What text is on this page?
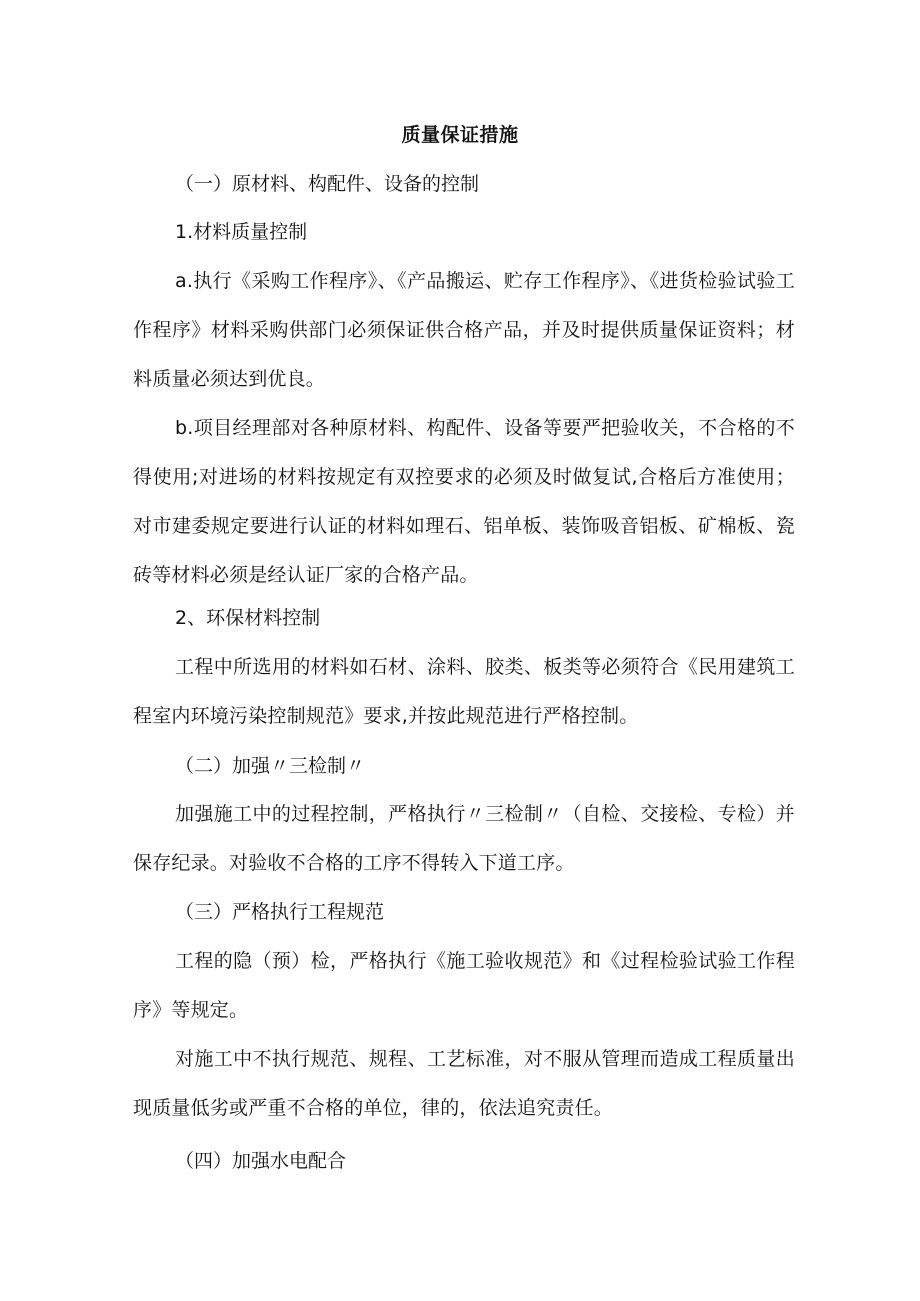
质量保证措施
（一）原材料、构配件、设备的控制
1.材料质量控制
a.执行《采购工作程序》、《产品搬运、贮存工作程序》、《进货检验试验工作程序》材料采购供部门必须保证供合格产品，并及时提供质量保证资料；材料质量必须达到优良。
b.项目经理部对各种原材料、构配件、设备等要严把验收关，不合格的不得使用;对进场的材料按规定有双控要求的必须及时做复试,合格后方准使用；对市建委规定要进行认证的材料如理石、铝单板、装饰吸音铝板、矿棉板、瓷砖等材料必须是经认证厂家的合格产品。
2、环保材料控制
工程中所选用的材料如石材、涂料、胶类、板类等必须符合《民用建筑工程室内环境污染控制规范》要求,并按此规范进行严格控制。
（二）加强〃三检制〃
加强施工中的过程控制，严格执行〃三检制〃（自检、交接检、专检）并保存纪录。对验收不合格的工序不得转入下道工序。
（三）严格执行工程规范
工程的隐（预）检，严格执行《施工验收规范》和《过程检验试验工作程序》等规定。
对施工中不执行规范、规程、工艺标准，对不服从管理而造成工程质量出现质量低劣或严重不合格的单位，律的，依法追究责任。
（四）加强水电配合
